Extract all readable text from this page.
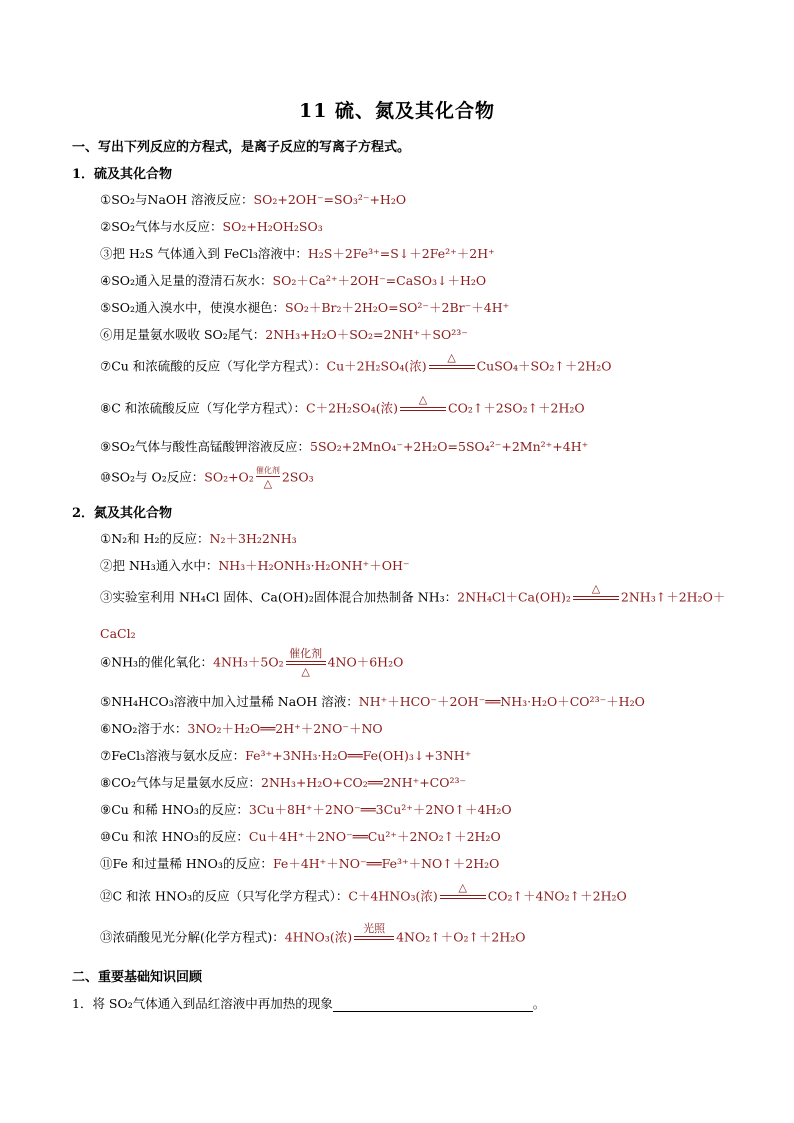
11 硫、氮及其化合物
一、写出下列反应的方程式，是离子反应的写离子方程式。
1．硫及其化合物
①SO₂与NaOH 溶液反应：SO₂+2OH⁻=SO₃²⁻+H₂O
②SO₂气体与水反应：SO₂+H₂OH₂SO₃
③把 H₂S 气体通入到 FeCl₃溶液中：H₂S＋2Fe³⁺=S↓＋2Fe²⁺＋2H⁺
④SO₂通入足量的澄清石灰水：SO₂＋Ca²⁺＋2OH⁻=CaSO₃↓＋H₂O
⑤SO₂通入溴水中，使溴水褪色：SO₂＋Br₂＋2H₂O=SO²⁻＋2Br⁻＋4H⁺
⑥用足量氨水吸收 SO₂尾气：2NH₃+H₂O＋SO₂=2NH⁺＋SO²³⁻
⑦Cu 和浓硫酸的反应（写化学方程式）：Cu＋2H₂SO₄(浓)
△

CuSO₄＋SO₂↑＋2H₂O
⑧C 和浓硫酸反应（写化学方程式）：C＋2H₂SO₄(浓)
△

CO₂↑＋2SO₂↑＋2H₂O
⑨SO₂气体与酸性高锰酸钾溶液反应：5SO₂+2MnO₄⁻+2H₂O=5SO₄²⁻+2Mn²⁺+4H⁺
⑩SO₂与 O₂反应：SO₂+O₂ 催化剂
△ 2SO₃
2．氮及其化合物
①N₂和 H₂的反应：N₂＋3H₂2NH₃
②把 NH₃通入水中：NH₃＋H₂ONH₃·H₂ONH⁺＋OH⁻
③实验室利用 NH₄Cl 固体、Ca(OH)₂固体混合加热制备 NH₃：2NH₄Cl＋Ca(OH)₂
△

2NH₃↑＋2H₂O＋
CaCl₂
④NH₃的催化氧化：4NH₃＋5O₂
催化剂
△
4NO＋6H₂O
⑤NH₄HCO₃溶液中加入过量稀 NaOH 溶液：NH⁺＋HCO⁻＋2OH⁻══NH₃·H₂O＋CO²³⁻＋H₂O
⑥NO₂溶于水：3NO₂＋H₂O══2H⁺＋2NO⁻＋NO
⑦FeCl₃溶液与氨水反应：Fe³⁺+3NH₃·H₂O══Fe(OH)₃↓+3NH⁺
⑧CO₂气体与足量氨水反应：2NH₃+H₂O+CO₂══2NH⁺+CO²³⁻
⑨Cu 和稀 HNO₃的反应：3Cu＋8H⁺＋2NO⁻══3Cu²⁺＋2NO↑＋4H₂O
⑩Cu 和浓 HNO₃的反应：Cu＋4H⁺＋2NO⁻══Cu²⁺＋2NO₂↑＋2H₂O
⑪Fe 和过量稀 HNO₃的反应：Fe＋4H⁺＋NO⁻══Fe³⁺＋NO↑＋2H₂O
⑫C 和浓 HNO₃的反应（只写化学方程式）：C＋4HNO₃(浓)
△

CO₂↑＋4NO₂↑＋2H₂O
⑬浓硝酸见光分解(化学方程式)：4HNO₃(浓)
光照

4NO₂↑＋O₂↑＋2H₂O
二、重要基础知识回顾
1．将 SO₂气体通入到品红溶液中再加热的现象	。
